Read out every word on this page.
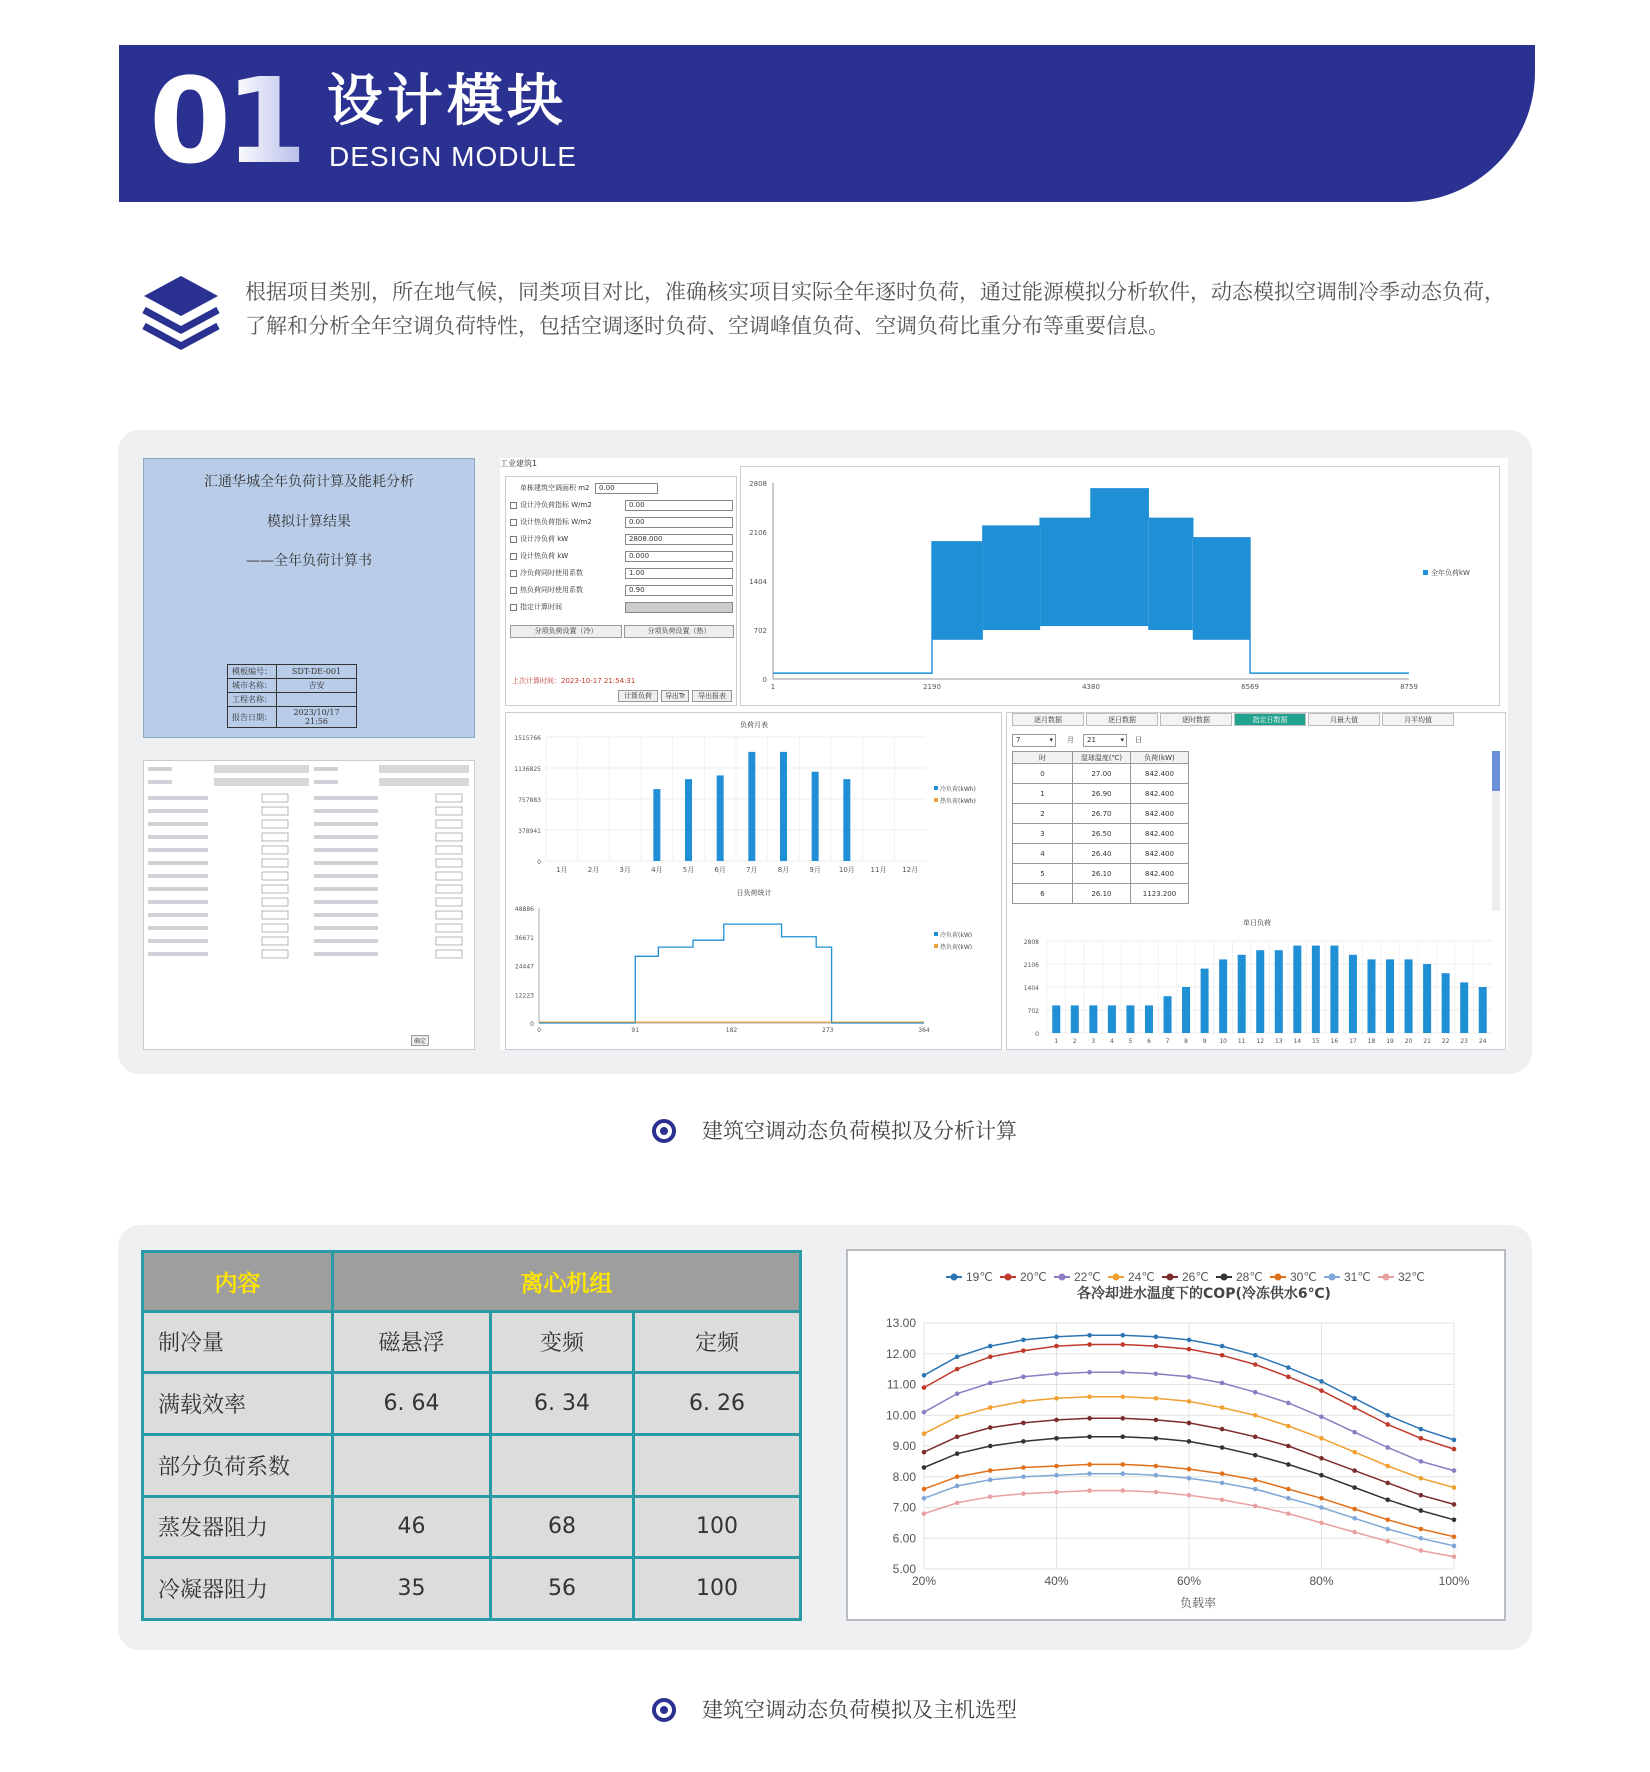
01 设计模块
DESIGN MODULE
根据项目类别，所在地气候，同类项目对比，准确核实项目实际全年逐时负荷，通过能源模拟分析软件，动态模拟空调制冷季动态负荷，了解和分析全年空调负荷特性，包括空调逐时负荷、空调峰值负荷、空调负荷比重分布等重要信息。
汇通华城全年负荷计算及能耗分析
模拟计算结果
——全年负荷计算书
模板编号：	SDT-DE-001
城市名称：	吉安
工程名称：	
报告日期：	2023/10/17 21:56
工业建筑1
单栋建筑空调面积 m2	0.00
设计冷负荷指标 W/m2	0.00
设计热负荷指标 W/m2	0.00
设计冷负荷 kW	2808.000
设计热负荷 kW	0.000
冷负荷同时使用系数	1.00
热负荷同时使用系数	0.90
指定计算时间
上次计算时间：2023-10-17 21:54:31
计算负荷	导出Tr	导出报表
分项负荷设置（冷）	分项负荷设置（热）
2808
2106
1404
702
0
1	2190	4380	6569	8759
全年负荷kW
负荷月表
1515766
1136825
757883
378941
0
1月	2月	3月	4月	5月	6月	7月	8月	9月	10月 11月 12月
冷负荷(kWh)
热负荷(kWh)
日负荷统计
48886
36671
24447
12223
0
0	91	182	273	364
冷负荷(kW)
热负荷(kW)
逐月数据	逐日数据	逐时数据	指定日数据	月最大值	月平均值
7	▾ 月	21	▾ 日
时	湿球温度(℃)	负荷(kW)
0	27.00	842.400
1	26.90	842.400
2	26.70	842.400
3	26.50	842.400
4	26.40	842.400
5	26.10	842.400
6	26.10	1123.200
单日负荷
2808
2106
1404
702
0
1 2 3 4 5 6 7 8 9 10 11 12 13 14 15 16 17 18 19 20 21 22 23 24
确定
建筑空调动态负荷模拟及分析计算
内容	离心机组		
制冷量	磁悬浮	变频	定频
满载效率	6. 64	6. 34	6. 26
部分负荷系数			
蒸发器阻力	46	68	100
冷凝器阻力	35	56	100
19℃ 20℃ 22℃ 24℃ 26℃ 28℃ 30℃ 31℃ 32℃
各冷却进水温度下的COP(冷冻供水6℃)
13.00
12.00
11.00
10.00
9.00
8.00
7.00
6.00
5.00
20%	40%	60%	80%	100%
负载率
建筑空调动态负荷模拟及主机选型
